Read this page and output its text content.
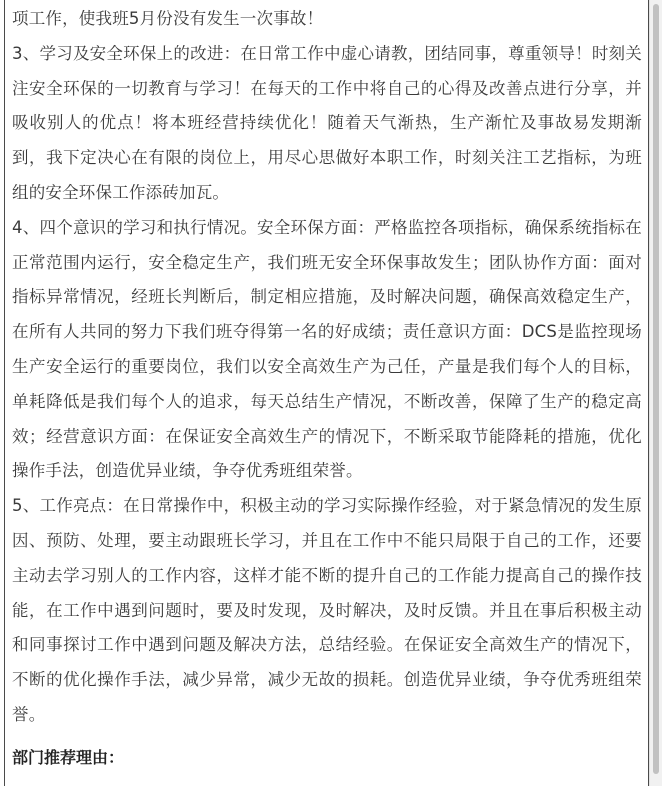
项工作，使我班5月份没有发生一次事故！

3、学习及安全环保上的改进：在日常工作中虚心请教，团结同事，尊重领导！时刻关注安全环保的一切教育与学习！在每天的工作中将自己的心得及改善点进行分享，并吸收别人的优点！将本班经营持续优化！随着天气渐热，生产渐忙及事故易发期渐到，我下定决心在有限的岗位上，用尽心思做好本职工作，时刻关注工艺指标，为班组的安全环保工作添砖加瓦。

4、四个意识的学习和执行情况。安全环保方面：严格监控各项指标，确保系统指标在正常范围内运行，安全稳定生产，我们班无安全环保事故发生；团队协作方面：面对指标异常情况，经班长判断后，制定相应措施，及时解决问题，确保高效稳定生产，在所有人共同的努力下我们班夺得第一名的好成绩；责任意识方面：DCS是监控现场生产安全运行的重要岗位，我们以安全高效生产为己任，产量是我们每个人的目标，单耗降低是我们每个人的追求，每天总结生产情况，不断改善，保障了生产的稳定高效；经营意识方面：在保证安全高效生产的情况下，不断采取节能降耗的措施，优化操作手法，创造优异业绩，争夺优秀班组荣誉。

5、工作亮点：在日常操作中，积极主动的学习实际操作经验，对于紧急情况的发生原因、预防、处理，要主动跟班长学习，并且在工作中不能只局限于自己的工作，还要主动去学习别人的工作内容，这样才能不断的提升自己的工作能力提高自己的操作技能，在工作中遇到问题时，要及时发现，及时解决，及时反馈。并且在事后积极主动和同事探讨工作中遇到问题及解决方法，总结经验。在保证安全高效生产的情况下，不断的优化操作手法，减少异常，减少无故的损耗。创造优异业绩，争夺优秀班组荣誉。

部门推荐理由：
